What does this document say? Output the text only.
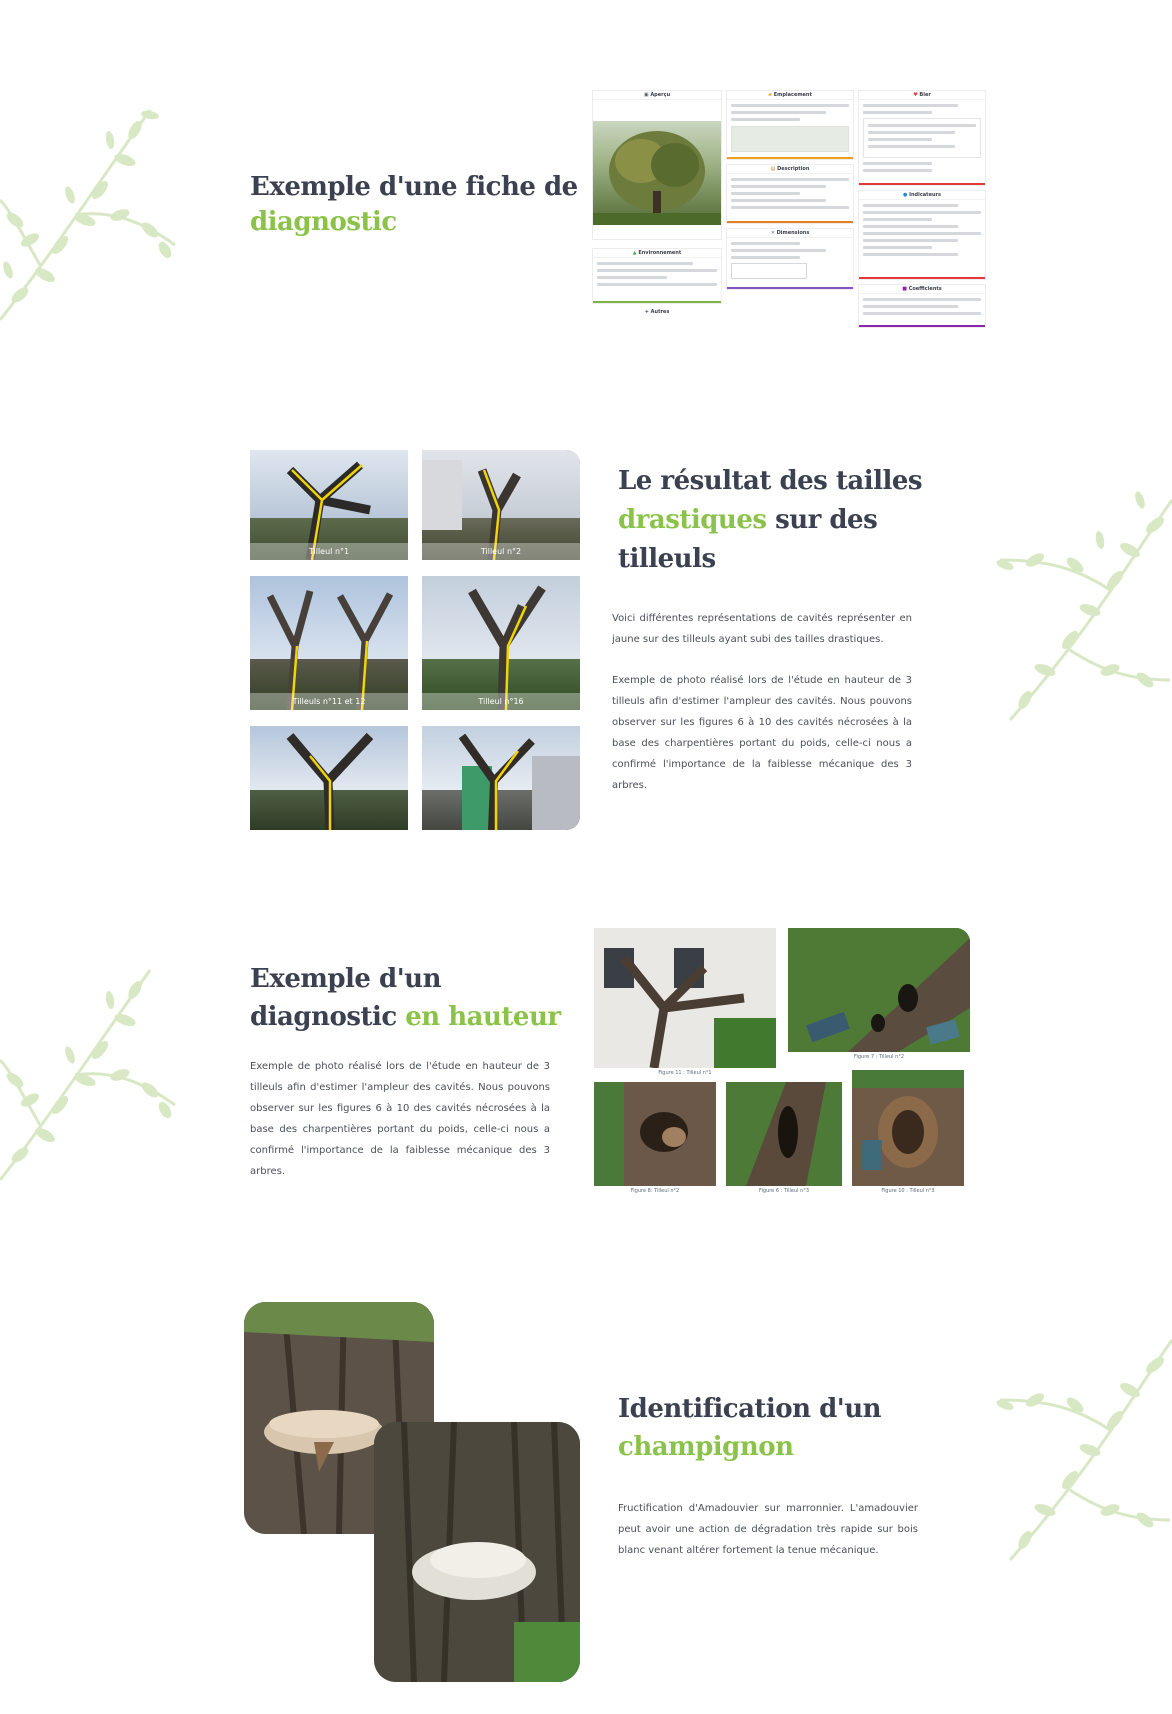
Exemple d'une fiche de
diagnostic
▣ Aperçu
▲ Environnement
+ Autres
▰ Emplacement
▤ Description
✕ Dimensions
♥ Bier
● Indicateurs
■ Coefficients
Tilleul n°1	Tilleul n°2
Tilleuls n°11 et 12	Tilleul n°16
Le résultat des tailles
drastiques sur des
tilleuls

Voici différentes représentations de cavités représenter en jaune sur des tilleuls ayant subi des tailles drastiques.

Exemple de photo réalisé lors de l'étude en hauteur de 3 tilleuls afin d'estimer l'ampleur des cavités. Nous pouvons observer sur les figures 6 à 10 des cavités nécrosées à la base des charpentières portant du poids, celle-ci nous a confirmé l'importance de la faiblesse mécanique des 3 arbres.

Exemple d'un
diagnostic en hauteur

Exemple de photo réalisé lors de l'étude en hauteur de 3 tilleuls afin d'estimer l'ampleur des cavités. Nous pouvons observer sur les figures 6 à 10 des cavités nécrosées à la base des charpentières portant du poids, celle-ci nous a confirmé l'importance de la faiblesse mécanique des 3 arbres.

Figure 11 : Tilleul n°1
Figure 7 : Tilleul n°2
Figure 8: Tilleul n°2	Figure 6 : Tilleul n°3	Figure 10 : Tilleul n°3
Identification d'un
champignon

Fructification d'Amadouvier sur marronnier. L'amadouvier peut avoir une action de dégradation très rapide sur bois blanc venant altérer fortement la tenue mécanique.
